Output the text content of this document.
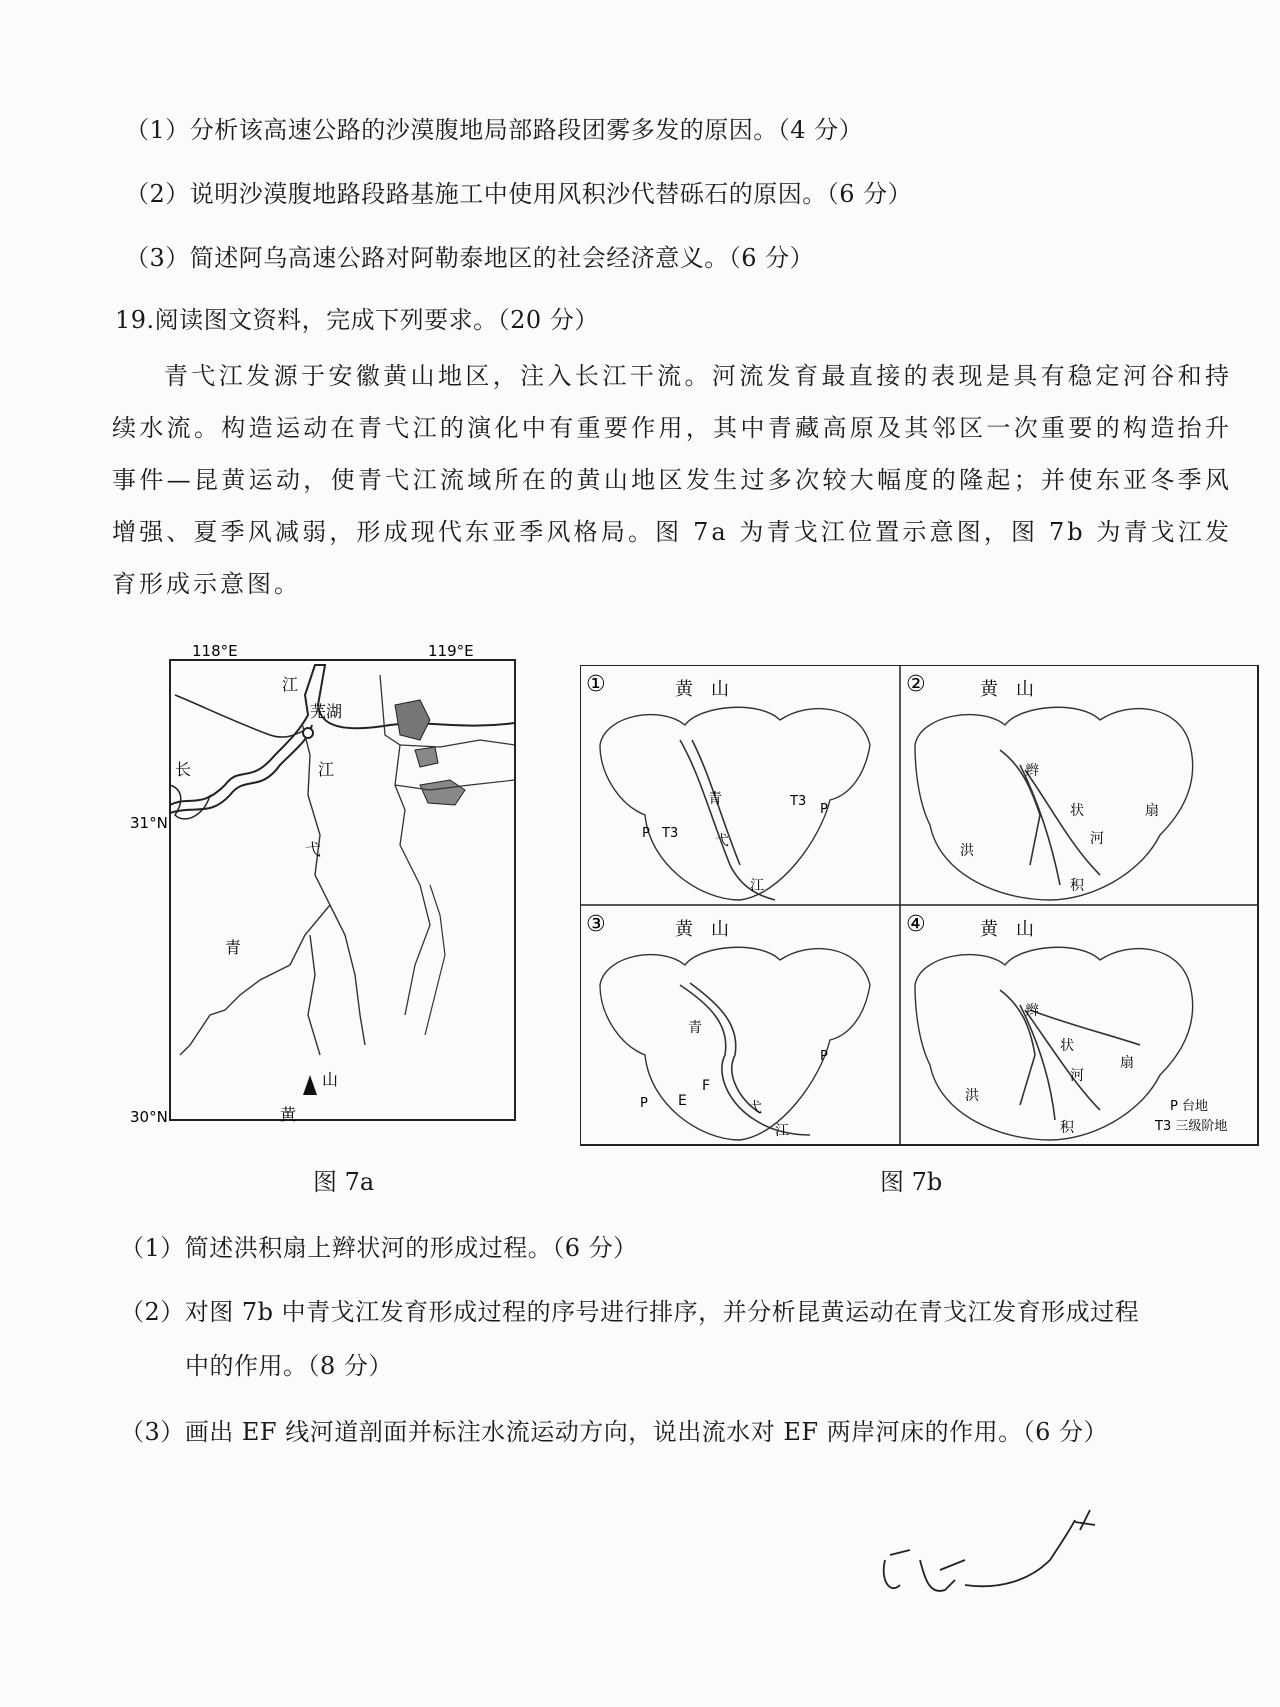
（1）分析该高速公路的沙漠腹地局部路段团雾多发的原因。（4 分）
（2）说明沙漠腹地路段路基施工中使用风积沙代替砾石的原因。（6 分）
（3）简述阿乌高速公路对阿勒泰地区的社会经济意义。（6 分）
19.阅读图文资料，完成下列要求。（20 分）
青弋江发源于安徽黄山地区，注入长江干流。河流发育最直接的表现是具有稳定河谷和持续水流。构造运动在青弋江的演化中有重要作用，其中青藏高原及其邻区一次重要的构造抬升事件—昆黄运动，使青弋江流域所在的黄山地区发生过多次较大幅度的隆起；并使东亚冬季风增强、夏季风减弱，形成现代东亚季风格局。图 7a 为青戈江位置示意图，图 7b 为青戈江发育形成示意图。
118°E	119°E
31°N
30°N
芜湖
江
长	江
弋
青
山
黄
图 7a
①	黄　山
青
弋
江
T3
P
T3
P
②	黄　山
辫
状
河
扇
洪
积
③	黄　山
青
F
E	弋
江
P
P
④	黄　山
辫
状
河
扇
洪
积
P 台地
T3 三级阶地
图 7b
（1）简述洪积扇上辫状河的形成过程。（6 分）
（2）对图 7b 中青戈江发育形成过程的序号进行排序，并分析昆黄运动在青戈江发育形成过程
中的作用。（8 分）
（3）画出 EF 线河道剖面并标注水流运动方向，说出流水对 EF 两岸河床的作用。（6 分）
